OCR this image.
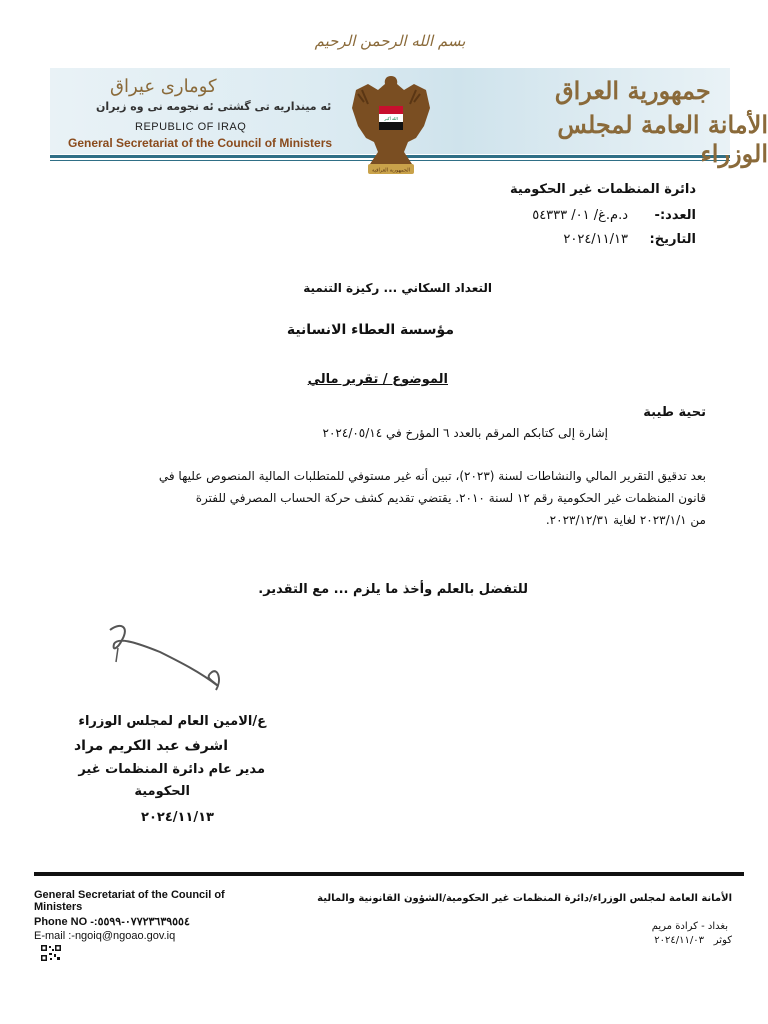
بسم الله الرحمن الرحيم
كوماری عیراق
ئه مینداریه تی گشتی ئه نجومه نی وه زیران
REPUBLIC OF IRAQ
General Secretariat of the Council of Ministers
جمهورية العراق
الأمانة العامة لمجلس الوزراء
الله أكبر
الجمهورية العراقية
دائرة المنظمات غير الحكومية
العدد:-
د.م.غ/ ٠١/ ٥٤٣٣٣
التاريخ:
٢٠٢٤/١١/١٣
التعداد السكاني ... ركيزة التنمية
مؤسسة العطاء الانسانية
الموضوع / تقرير مالي
تحية طيبة
إشارة إلى كتابكم المرقم بالعدد ٦ المؤرخ في ٢٠٢٤/٠٥/١٤
بعد تدقيق التقرير المالي والنشاطات لسنة (٢٠٢٣)، تبين أنه غير مستوفي للمتطلبات المالية المنصوص عليها في
قانون المنظمات غير الحكومية رقم ١٢ لسنة ٢٠١٠. يقتضي تقديم كشف حركة الحساب المصرفي للفترة
من ٢٠٢٣/١/١ لغاية ٢٠٢٣/١٢/٣١.
للتفضل بالعلم وأخذ ما يلزم ... مع التقدير.
ع/الامين العام لمجلس الوزراء
اشرف عبد الكريم مراد
مدير عام دائرة المنظمات غير
الحكومية
٢٠٢٤/١١/١٣
General Secretariat of the Council of
Ministers
Phone NO -:٠٧٧٢٣٦٣٩٥٥٤-٥٥٩٩
E-mail :-ngoiq@ngoao.gov.iq
الأمانة العامة لمجلس الوزراء/دائرة المنظمات غير الحكومية/الشؤون القانونية والمالية
بغداد - كرادة مريم
كوثر
٢٠٢٤/١١/٠٣
